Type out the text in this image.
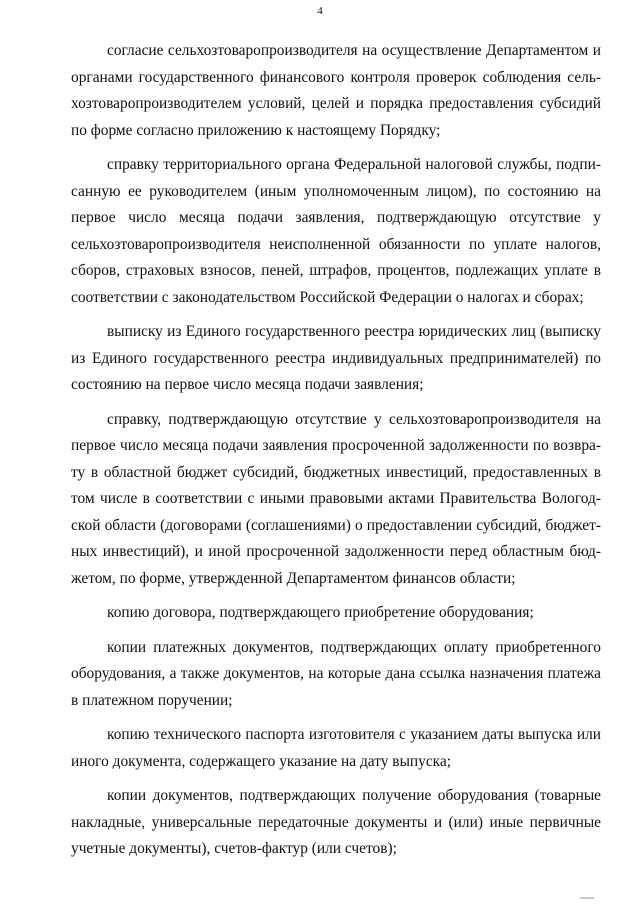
4

согласие сельхозтоваропроизводителя на осуществление Департаментом и органами государственного финансового контроля проверок соблюдения сельхозтоваропроизводителем условий, целей и порядка предоставления субсидий по форме согласно приложению к настоящему Порядку;

справку территориального органа Федеральной налоговой службы, подписанную ее руководителем (иным уполномоченным лицом), по состоянию на первое число месяца подачи заявления, подтверждающую отсутствие у сельхозтоваропроизводителя неисполненной обязанности по уплате налогов, сборов, страховых взносов, пеней, штрафов, процентов, подлежащих уплате в соответствии с законодательством Российской Федерации о налогах и сборах;

выписку из Единого государственного реестра юридических лиц (выписку из Единого государственного реестра индивидуальных предпринимателей) по состоянию на первое число месяца подачи заявления;

справку, подтверждающую отсутствие у сельхозтоваропроизводителя на первое число месяца подачи заявления просроченной задолженности по возврату в областной бюджет субсидий, бюджетных инвестиций, предоставленных в том числе в соответствии с иными правовыми актами Правительства Вологодской области (договорами (соглашениями) о предоставлении субсидий, бюджетных инвестиций), и иной просроченной задолженности перед областным бюджетом, по форме, утвержденной Департаментом финансов области;

копию договора, подтверждающего приобретение оборудования;

копии платежных документов, подтверждающих оплату приобретенного оборудования, а также документов, на которые дана ссылка назначения платежа в платежном поручении;

копию технического паспорта изготовителя с указанием даты выпуска или иного документа, содержащего указание на дату выпуска;

копии документов, подтверждающих получение оборудования (товарные накладные, универсальные передаточные документы и (или) иные первичные учетные документы), счетов-фактур (или счетов);
